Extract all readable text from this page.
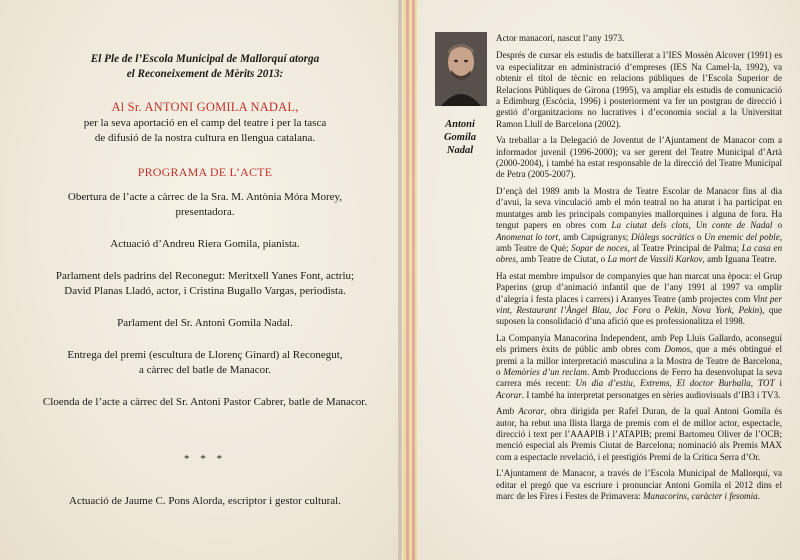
El Ple de l’Escola Municipal de Mallorquí atorga
el Reconeixement de Mèrits 2013:

Al Sr. ANTONI GOMILA NADAL,

per la seva aportació en el camp del teatre i per la tasca
de difusió de la nostra cultura en llengua catalana.

PROGRAMA DE L’ACTE

Obertura de l’acte a càrrec de la Sra. M. Antònia Móra Morey,
presentadora.

Actuació d’Andreu Riera Gomila, pianista.

Parlament dels padrins del Reconegut: Meritxell Yanes Font, actriu;
David Planas Lladó, actor, i Cristina Bugallo Vargas, periodista.

Parlament del Sr. Antoni Gomila Nadal.

Entrega del premi (escultura de Llorenç Ginard) al Reconegut,
a càrrec del batle de Manacor.

Cloenda de l’acte a càrrec del Sr. Antoni Pastor Cabrer, batle de Manacor.

* * *

Actuació de Jaume C. Pons Alorda, escriptor i gestor cultural.

Antoni
Gomila
Nadal

Actor manacorí, nascut l’any 1973.

Després de cursar els estudis de batxillerat a l’IES Mossèn Alcover (1991) es va especialitzar en administració d’empreses (IES Na Camel·la, 1992), va obtenir el títol de tècnic en relacions públiques de l’Escola Superior de Relacions Públiques de Girona (1995), va ampliar els estudis de comunicació a Edimburg (Escòcia, 1996) i posteriorment va fer un postgrau de direcció i gestió d’organitzacions no lucratives i d’economia social a la Universitat Ramon Llull de Barcelona (2002).

Va treballar a la Delegació de Joventut de l’Ajuntament de Manacor com a informador juvenil (1996-2000); va ser gerent del Teatre Municipal d’Artà (2000-2004), i també ha estat responsable de la direcció del Teatre Municipal de Petra (2005-2007).

D’ençà del 1989 amb la Mostra de Teatre Escolar de Manacor fins al dia d’avui, la seva vinculació amb el món teatral no ha aturat i ha participat en muntatges amb les principals companyies mallorquines i alguna de fora. Ha tengut papers en obres com La ciutat dels clots, Un conte de Nadal o Anomenat lo tort, amb Capsigranys; Diàlegs socràtics o Un enemic del poble, amb Teatre de Què; Sopar de noces, al Teatre Principal de Palma; La casa en obres, amb Teatre de Ciutat, o La mort de Vassili Karkov, amb Iguana Teatre.

Ha estat membre impulsor de companyies que han marcat una època: el Grup Paperins (grup d’animació infantil que de l’any 1991 al 1997 va omplir d’alegria i festa places i carrers) i Aranyes Teatre (amb projectes com Vint per vint, Restaurant l’Àngel Blau, Joc Fora o Pekin, Nova York, Pekin), que suposen la consolidació d’una afició que es professionalitza el 1998.

La Companyia Manacorina Independent, amb Pep Lluís Gallardo, aconseguí els primers èxits de públic amb obres com Domos, que a més obtingué el premi a la millor interpretació masculina a la Mostra de Teatre de Barcelona, o Memòries d’un reclam. Amb Produccions de Ferro ha desenvolupat la seva carrera més recent: Un dia d’estiu, Extrems, El doctor Burballa, TOT i Acorar. I també ha interpretat personatges en sèries audiovisuals d’IB3 i TV3.

Amb Acorar, obra dirigida per Rafel Duran, de la qual Antoni Gomila és autor, ha rebut una llista llarga de premis com el de millor actor, espectacle, direcció i text per l’AAAPIB i l’ATAPIB; premi Bartomeu Oliver de l’OCB; menció especial als Premis Ciutat de Barcelona; nominació als Premis MAX com a espectacle revelació, i el prestigiós Premi de la Crítica Serra d’Or.

L’Ajuntament de Manacor, a través de l’Escola Municipal de Mallorquí, va editar el pregó que va escriure i pronunciar Antoni Gomila el 2012 dins el marc de les Fires i Festes de Primavera: Manacorins, caràcter i fesomia.
